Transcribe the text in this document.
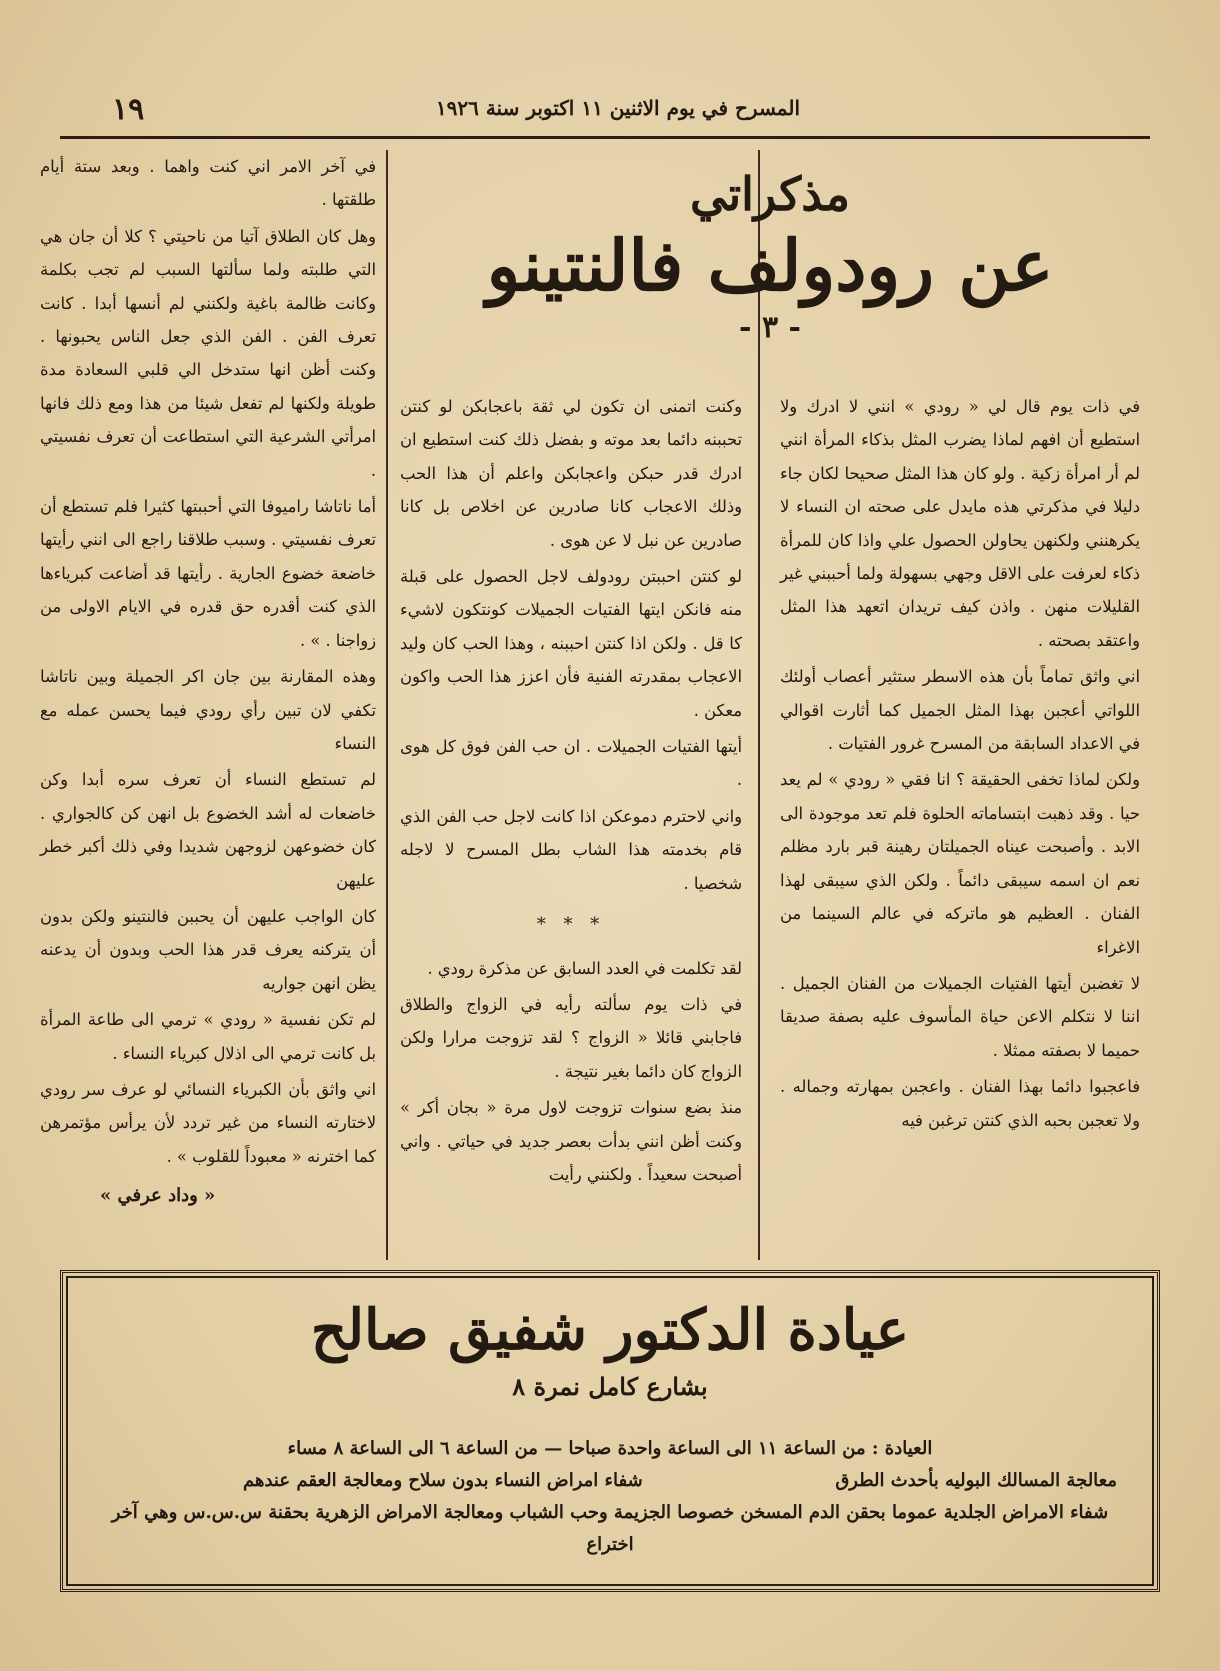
المسرح في يوم الاثنين ١١ اكتوبر سنة ١٩٢٦
١٩
مذكراتي
عن رودولف فالنتينو
- ٣ -

في ذات يوم قال لي « رودي » انني لا ادرك ولا استطيع أن افهم لماذا يضرب المثل بذكاء المرأة انني لم أر امرأة زكية . ولو كان هذا المثل صحيحا لكان جاء دليلا في مذكرتي هذه مايدل على صحته ان النساء لا يكرهنني ولكنهن يحاولن الحصول علي واذا كان للمرأة ذكاء لعرفت على الاقل وجهي بسهولة ولما أحببني غير القليلات منهن . واذن كيف تريدان اتعهد هذا المثل واعتقد بصحته .

اني واثق تماماً بأن هذه الاسطر ستثير أعصاب أولئك اللواتي أعجبن بهذا المثل الجميل كما أثارت اقوالي في الاعداد السابقة من المسرح غرور الفتيات .

ولكن لماذا تخفى الحقيقة ؟ انا فقي « رودي » لم يعد حيا . وقد ذهبت ابتساماته الحلوة فلم تعد موجودة الى الابد . وأصبحت عيناه الجميلتان رهينة قبر بارد مظلم نعم ان اسمه سيبقى دائماً . ولكن الذي سيبقى لهذا الفنان . العظيم هو ماتركه في عالم السينما من الاغراء

لا تغضبن أيتها الفتيات الجميلات من الفنان الجميل . اننا لا نتكلم الاعن حياة المأسوف عليه بصفة صديقا حميما لا بصفته ممثلا .

فاعجبوا دائما بهذا الفنان . واعجبن بمهارته وجماله . ولا تعجبن بحبه الذي كنتن ترغبن فيه

وكنت اتمنى ان تكون لي ثقة باعجابكن لو كنتن تحببنه دائما بعد موته و بفضل ذلك كنت استطيع ان ادرك قدر حبكن واعجابكن واعلم أن هذا الحب وذلك الاعجاب كانا صادرين عن اخلاص بل كانا صادرين عن نبل لا عن هوى .

لو كنتن احببتن رودولف لاجل الحصول على قبلة منه فانكن ايتها الفتيات الجميلات كونتكون لاشيء كا قل . ولكن اذا كنتن احببنه ، وهذا الحب كان وليد الاعجاب بمقدرته الفنية فأن اعزز هذا الحب واكون معكن .

أيتها الفتيات الجميلات . ان حب الفن فوق كل هوى .

واني لاحترم دموعكن اذا كانت لاجل حب الفن الذي قام بخدمته هذا الشاب بطل المسرح لا لاجله شخصيا .

* * *

لقد تكلمت في العدد السابق عن مذكرة رودي .

في ذات يوم سألته رأيه في الزواج والطلاق فاجابني قائلا « الزواج ؟ لقد تزوجت مرارا ولكن الزواج كان دائما بغير نتيجة .

منذ بضع سنوات تزوجت لاول مرة « بجان أكر » وكنت أظن انني بدأت بعصر جديد في حياتي . واني أصبحت سعيداً . ولكنني رأيت

في آخر الامر اني كنت واهما . وبعد ستة أيام طلقتها .

وهل كان الطلاق آتيا من ناحيتي ؟ كلا أن جان هي التي طلبته ولما سألتها السبب لم تجب بكلمة وكانت ظالمة باغية ولكنني لم أنسها أبدا . كانت تعرف الفن . الفن الذي جعل الناس يحبونها . وكنت أظن انها ستدخل الي قلبي السعادة مدة طويلة ولكنها لم تفعل شيئا من هذا ومع ذلك فانها امرأتي الشرعية التي استطاعت أن تعرف نفسيتي .

أما ناتاشا راميوفا التي أحببتها كثيرا فلم تستطع أن تعرف نفسيتي . وسبب طلاقنا راجع الى انني رأيتها خاضعة خضوع الجارية . رأيتها قد أضاعت كبرياءها الذي كنت أقدره حق قدره في الايام الاولى من زواجنا . » .

وهذه المقارنة بين جان اكر الجميلة وبين ناتاشا تكفي لان تبين رأي رودي فيما يحسن عمله مع النساء

لم تستطع النساء أن تعرف سره أبدا وكن خاضعات له أشد الخضوع بل انهن كن كالجواري . كان خضوعهن لزوجهن شديدا وفي ذلك أكبر خطر عليهن

كان الواجب عليهن أن يحببن فالنتينو ولكن بدون أن يتركنه يعرف قدر هذا الحب وبدون أن يدعنه يظن انهن جواريه

لم تكن نفسية « رودي » ترمي الى طاعة المرأة بل كانت ترمي الى اذلال كبرياء النساء .

اني واثق بأن الكبرياء النسائي لو عرف سر رودي لاختارته النساء من غير تردد لأن يرأس مؤتمرهن كما اخترنه « معبوداً للقلوب » .

« وداد عرفي »
عيادة الدكتور شفيق صالح
بشارع كامل نمرة ٨
العيادة : من الساعة ١١ الى الساعة واحدة صباحا — من الساعة ٦ الى الساعة ٨ مساء
معالجة المسالك البوليه بأحدث الطرق
شفاء امراض النساء بدون سلاح ومعالجة العقم عندهم
شفاء الامراض الجلدية عموما بحقن الدم المسخن خصوصا الجزيمة وحب الشباب ومعالجة الامراض الزهرية بحقنة س.س.س وهي آخر اختراع
